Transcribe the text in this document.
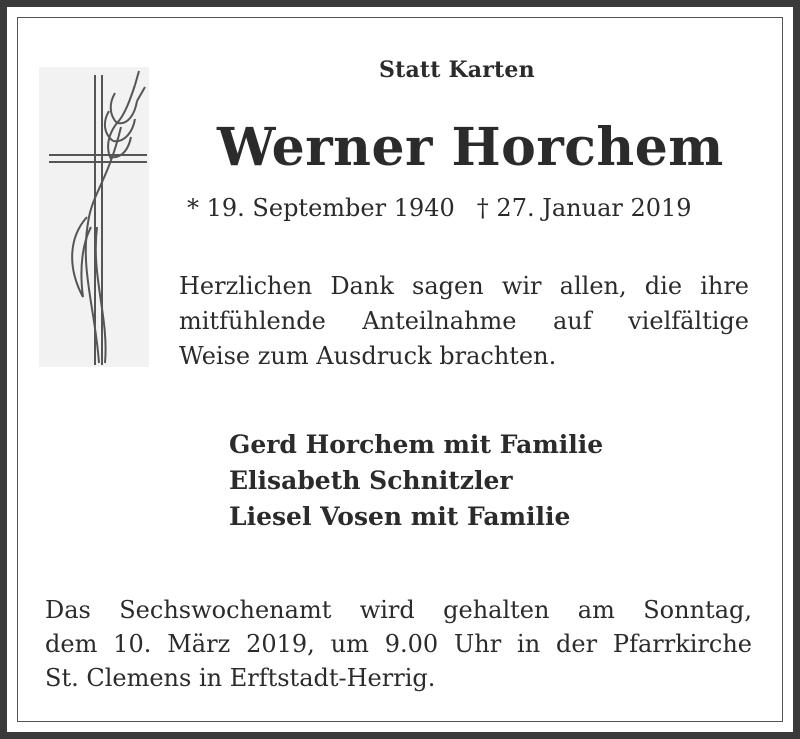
Statt Karten
Werner Horchem
* 19. September 1940 † 27. Januar 2019
Herzlichen Dank sagen wir allen, die ihre
mitfühlende Anteilnahme auf vielfältige
Weise zum Ausdruck brachten.
Gerd Horchem mit Familie
Elisabeth Schnitzler
Liesel Vosen mit Familie
Das Sechswochenamt wird gehalten am Sonntag,
dem 10. März 2019, um 9.00 Uhr in der Pfarrkirche
St. Clemens in Erftstadt-Herrig.
